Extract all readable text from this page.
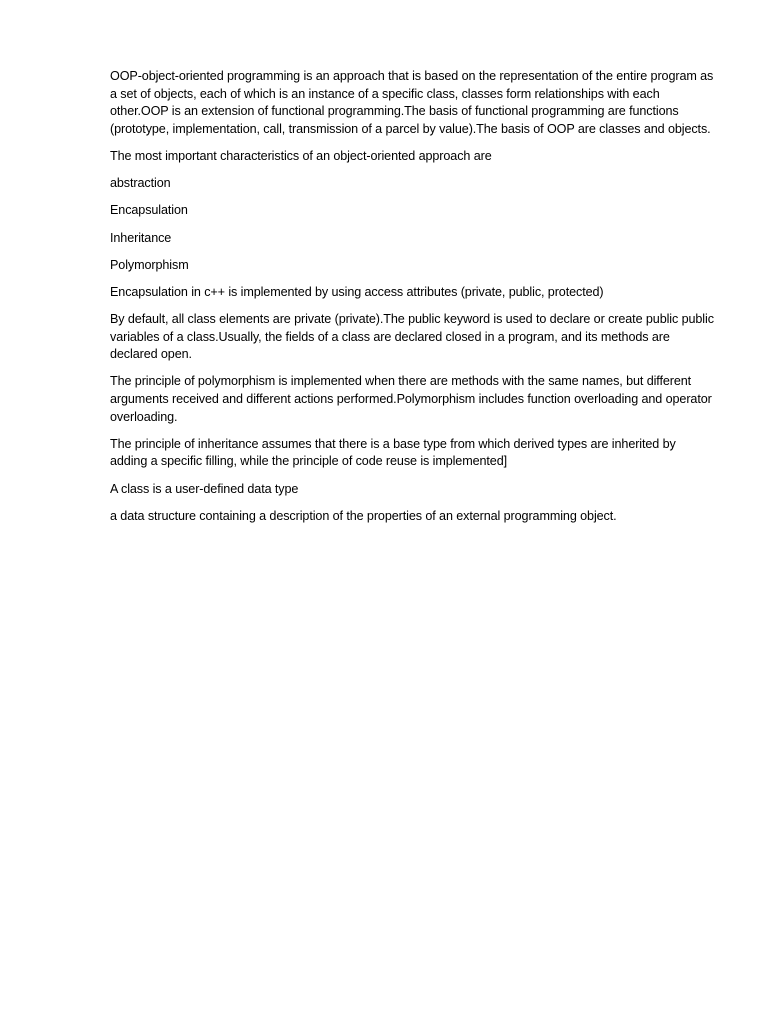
OOP-object-oriented programming is an approach that is based on the representation of the entire program as a set of objects, each of which is an instance of a specific class, classes form relationships with each other.OOP is an extension of functional programming.The basis of functional programming are functions (prototype, implementation, call, transmission of a parcel by value).The basis of OOP are classes and objects.

The most important characteristics of an object-oriented approach are

abstraction

Encapsulation

Inheritance

Polymorphism

Encapsulation in c++ is implemented by using access attributes (private, public, protected)

By default, all class elements are private (private).The public keyword is used to declare or create public public variables of a class.Usually, the fields of a class are declared closed in a program, and its methods are declared open.

The principle of polymorphism is implemented when there are methods with the same names, but different arguments received and different actions performed.Polymorphism includes function overloading and operator overloading.

The principle of inheritance assumes that there is a base type from which derived types are inherited by adding a specific filling, while the principle of code reuse is implemented]

A class is a user-defined data type

a data structure containing a description of the properties of an external programming object.
